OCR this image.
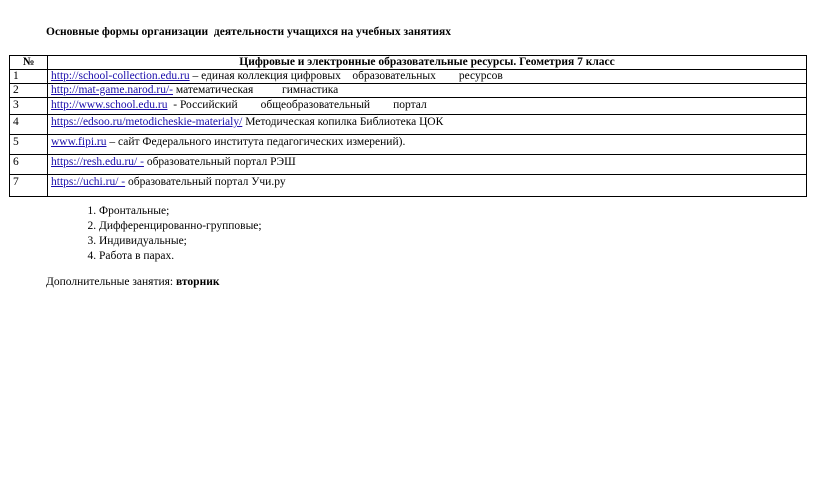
Основные формы организации  деятельности учащихся на учебных занятиях
№	Цифровые и электронные образовательные ресурсы. Геометрия 7 класс
1	http://school-collection.edu.ru – единая коллекция цифровых    образовательных        ресурсов
2	http://mat-game.narod.ru/- математическая          гимнастика
3	http://www.school.edu.ru  - Российский        общеобразовательный        портал
4	https://edsoo.ru/metodicheskie-materialy/ Методическая копилка Библиотека ЦОК
5	www.fipi.ru – сайт Федерального института педагогических измерений).
6	https://resh.edu.ru/ - образовательный портал РЭШ
7	https://uchi.ru/ - образовательный портал Учи.ру
1. Фронтальные;
2. Дифференцированно-групповые;
3. Индивидуальные;
4. Работа в парах.
Дополнительные занятия: вторник
